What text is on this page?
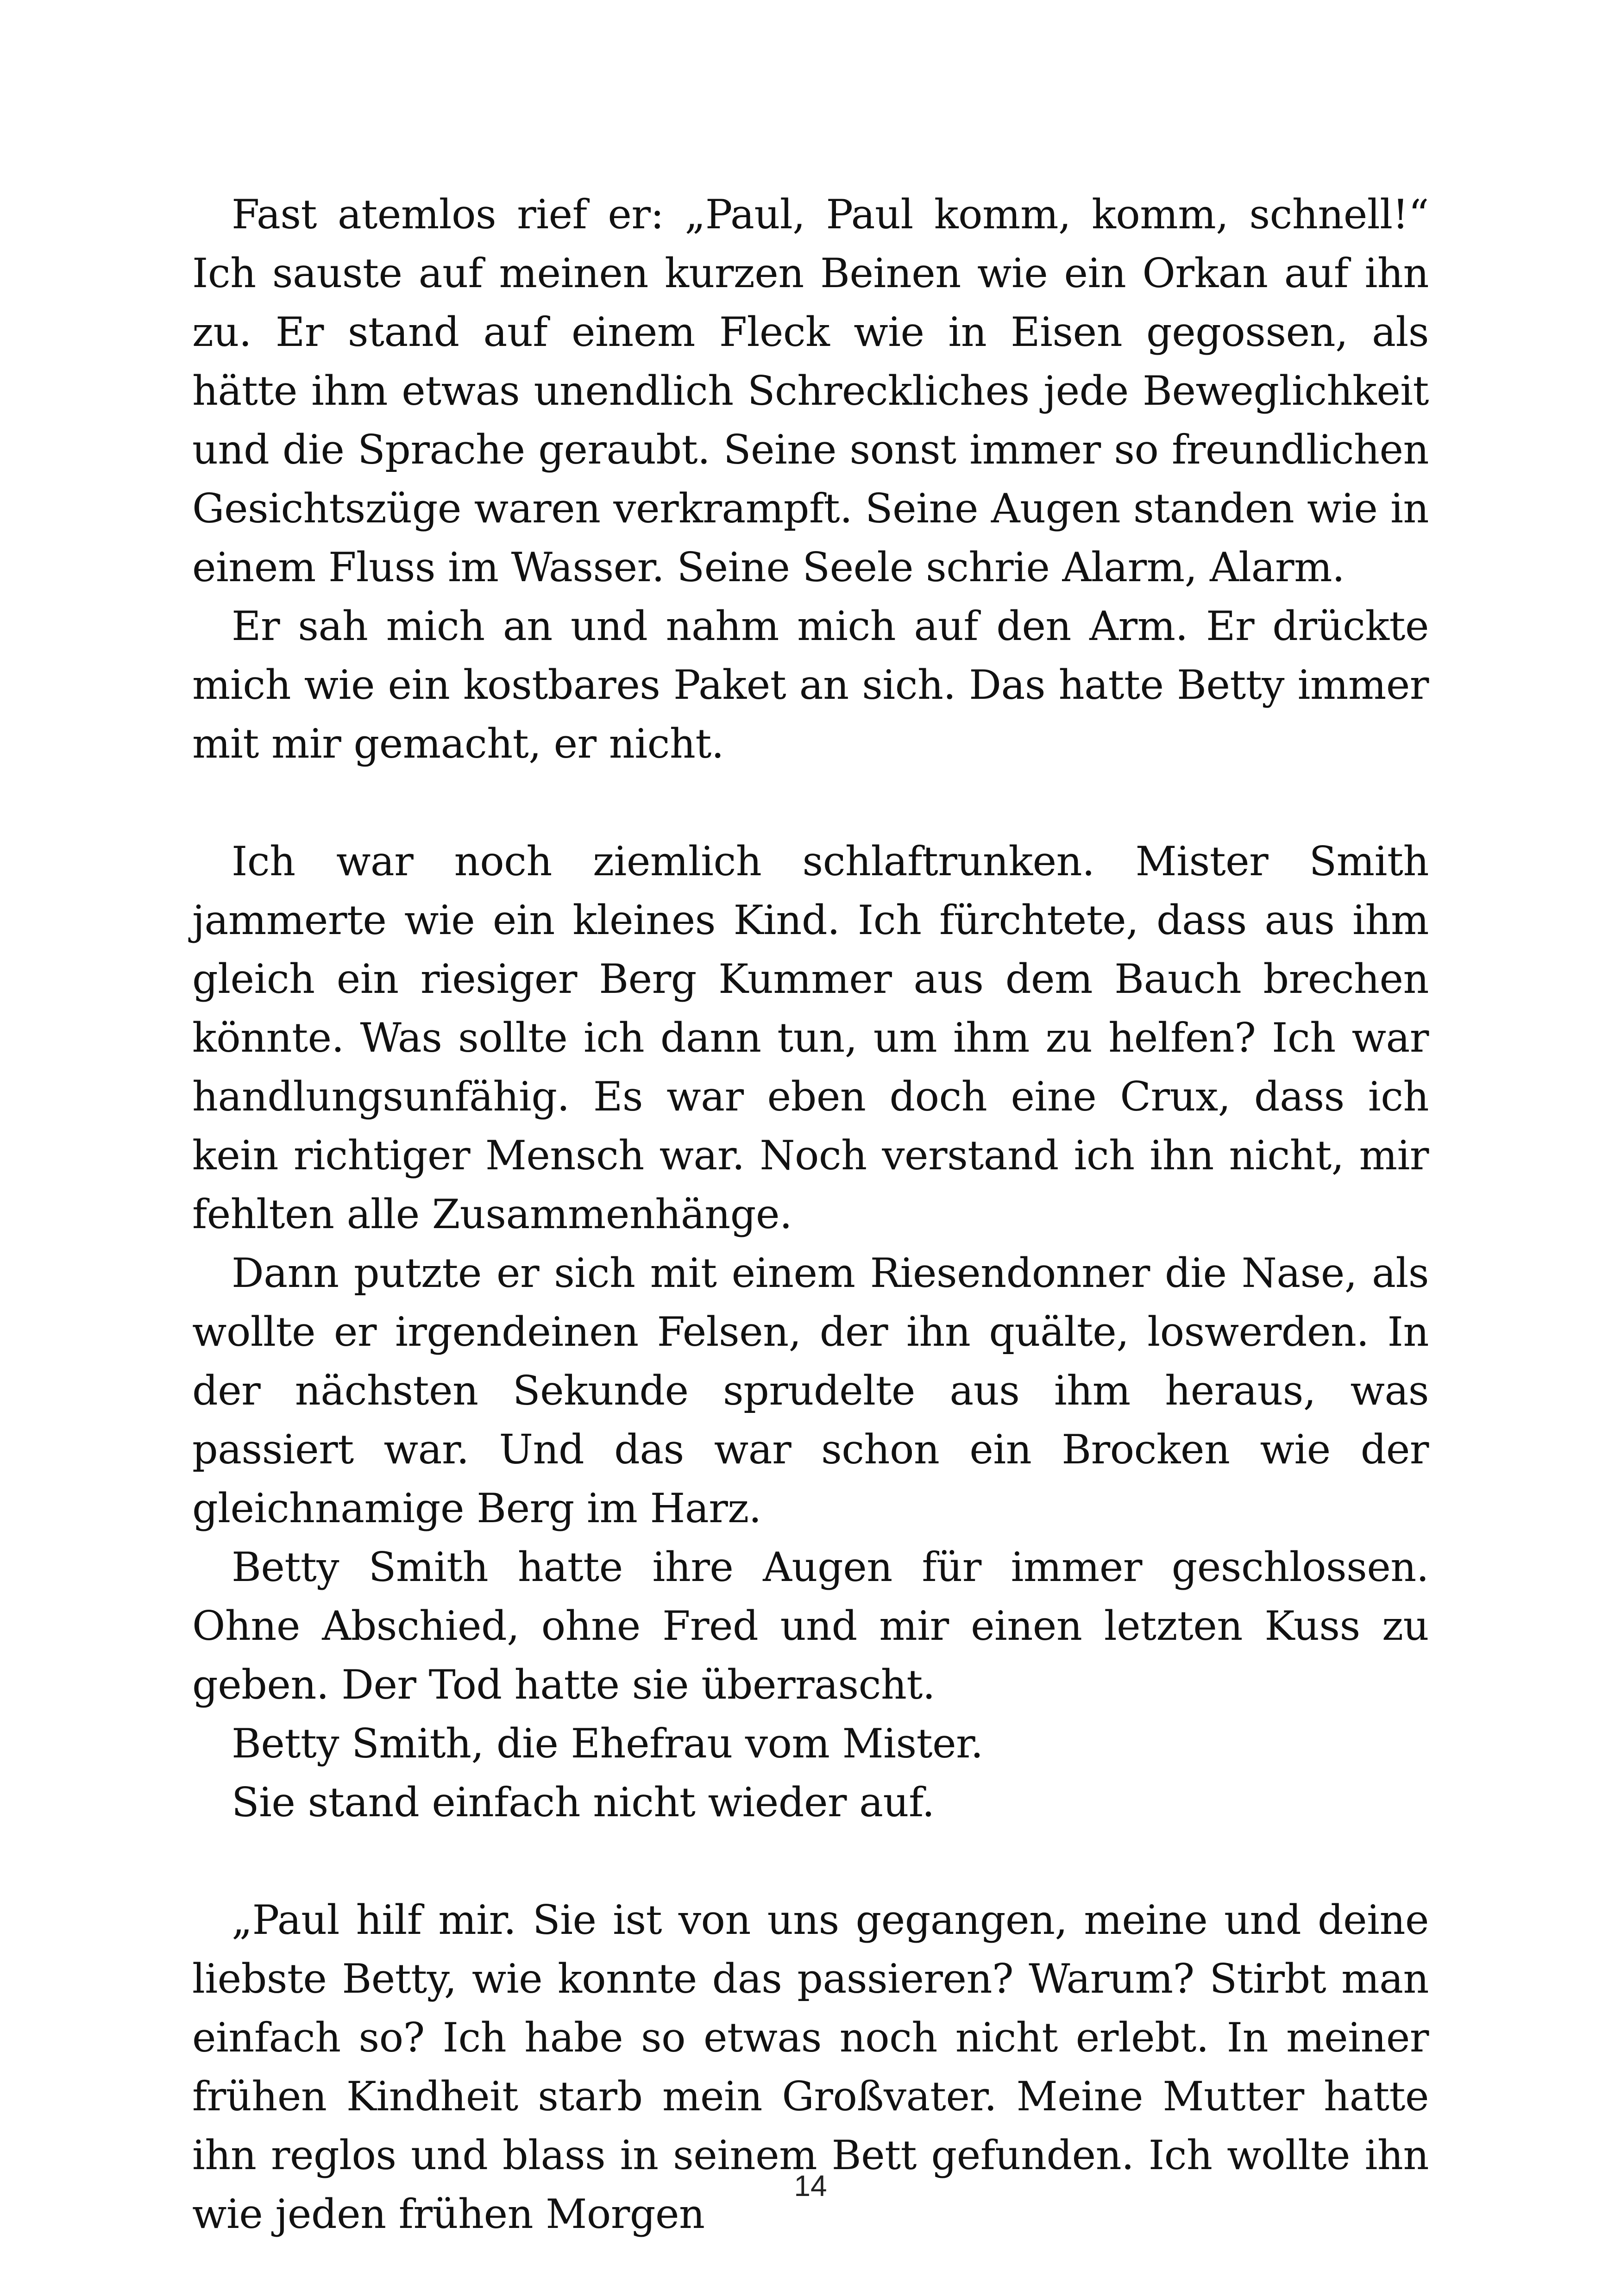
Fast atemlos rief er: „Paul, Paul komm, komm, schnell!“ Ich sauste auf meinen kurzen Beinen wie ein Orkan auf ihn zu. Er stand auf einem Fleck wie in Eisen gegossen, als hätte ihm etwas unendlich Schreckliches jede Beweglichkeit und die Sprache geraubt. Seine sonst immer so freundlichen Gesichtszüge waren verkrampft. Seine Augen standen wie in einem Fluss im Wasser. Seine Seele schrie Alarm, Alarm.

Er sah mich an und nahm mich auf den Arm. Er drückte mich wie ein kostbares Paket an sich. Das hatte Betty immer mit mir gemacht, er nicht.

Ich war noch ziemlich schlaftrunken. Mister Smith jammerte wie ein kleines Kind. Ich fürchtete, dass aus ihm gleich ein riesiger Berg Kummer aus dem Bauch brechen könnte. Was sollte ich dann tun, um ihm zu helfen? Ich war handlungsunfähig. Es war eben doch eine Crux, dass ich kein richtiger Mensch war. Noch verstand ich ihn nicht, mir fehlten alle Zusammenhänge.

Dann putzte er sich mit einem Riesendonner die Nase, als wollte er irgendeinen Felsen, der ihn quälte, loswerden. In der nächsten Sekunde sprudelte aus ihm heraus, was passiert war. Und das war schon ein Brocken wie der gleichnamige Berg im Harz.

Betty Smith hatte ihre Augen für immer geschlossen. Ohne Abschied, ohne Fred und mir einen letzten Kuss zu geben. Der Tod hatte sie überrascht.

Betty Smith, die Ehefrau vom Mister.

Sie stand einfach nicht wieder auf.

„Paul hilf mir. Sie ist von uns gegangen, meine und deine liebste Betty, wie konnte das passieren? Warum? Stirbt man einfach so? Ich habe so etwas noch nicht erlebt. In meiner frühen Kindheit starb mein Großvater. Meine Mutter hatte ihn reglos und blass in seinem Bett gefunden. Ich wollte ihn wie jeden frühen Morgen

14
